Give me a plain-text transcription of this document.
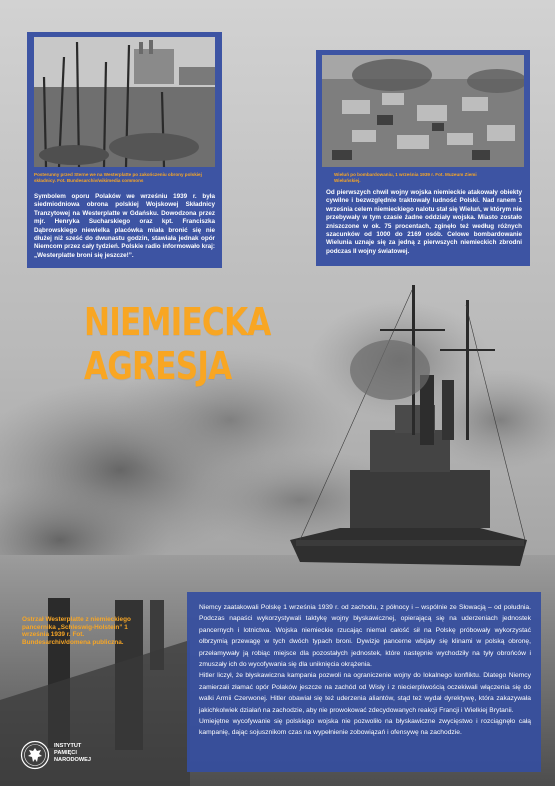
Posterunny przed Sterne we na Westerplatte po zakończeniu obrony polskiej składnicy. Fot. Bundesarchiv/wikimedia commons
Symbolem oporu Polaków we wrześniu 1939 r. była siedmiodniowa obrona polskiej Wojskowej Składnicy Tranzytowej na Westerplatte w Gdańsku. Dowodzona przez mjr. Henryka Sucharskiego oraz kpt. Franciszka Dąbrowskiego niewielka placówka miała bronić się nie dłużej niż sześć do dwunastu godzin, stawiała jednak opór Niemcom przez cały tydzień. Polskie radio informowało kraj: „Westerplatte broni się jeszcze!”.
Wieluń po bombardowaniu, 1 września 1939 r. Fot. Muzeum Ziemi Wieluńskiej.
Od pierwszych chwil wojny wojska niemieckie atakowały obiekty cywilne i bezwzględnie traktowały ludność Polski. Nad ranem 1 września celem niemieckiego nalotu stał się Wieluń, w którym nie przebywały w tym czasie żadne oddziały wojska. Miasto zostało zniszczone w ok. 75 procentach, zginęło też według różnych szacunków od 1000 do 2169 osób. Celowe bombardowanie Wielunia uznaje się za jedną z pierwszych niemieckich zbrodni podczas II wojny światowej.
NIEMIECKA
AGRESJA
Ostrzał Westerplatte z niemieckiego pancernika „Schleswig-Holstein” 1 września 1939 r. Fot. Bundesarchiv/domena publiczna.

Niemcy zaatakowali Polskę 1 września 1939 r. od zachodu, z północy i – wspólnie ze Słowacją – od południa. Podczas napaści wykorzystywali taktykę wojny błyskawicznej, opierającą się na uderzeniach jednostek pancernych i lotnictwa. Wojska niemieckie rzucając niemal całość sił na Polskę próbowały wykorzystać olbrzymią przewagę w tych dwóch typach broni. Dywizje pancerne wbijały się klinami w polską obronę, przełamywały ją robiąc miejsce dla pozostałych jednostek, które następnie wychodziły na tyły obrońców i zmuszały ich do wycofywania się dla uniknięcia okrążenia.

Hitler liczył, że błyskawiczna kampania pozwoli na ograniczenie wojny do lokalnego konfliktu. Dlatego Niemcy zamierzali złamać opór Polaków jeszcze na zachód od Wisły i z niecierpliwością oczekiwali włączenia się do walki Armii Czerwonej. Hitler obawiał się też uderzenia aliantów, stąd też wydał dyrektywę, która zakazywała jakichkolwiek działań na zachodzie, aby nie prowokować zdecydowanych reakcji Francji i Wielkiej Brytanii.

Umiejętne wycofywanie się polskiego wojska nie pozwoliło na błyskawiczne zwycięstwo i rozciągnęło całą kampanię, dając sojusznikom czas na wypełnienie zobowiązań i ofensywę na zachodzie.

INSTYTUT
PAMIĘCI
NARODOWEJ
